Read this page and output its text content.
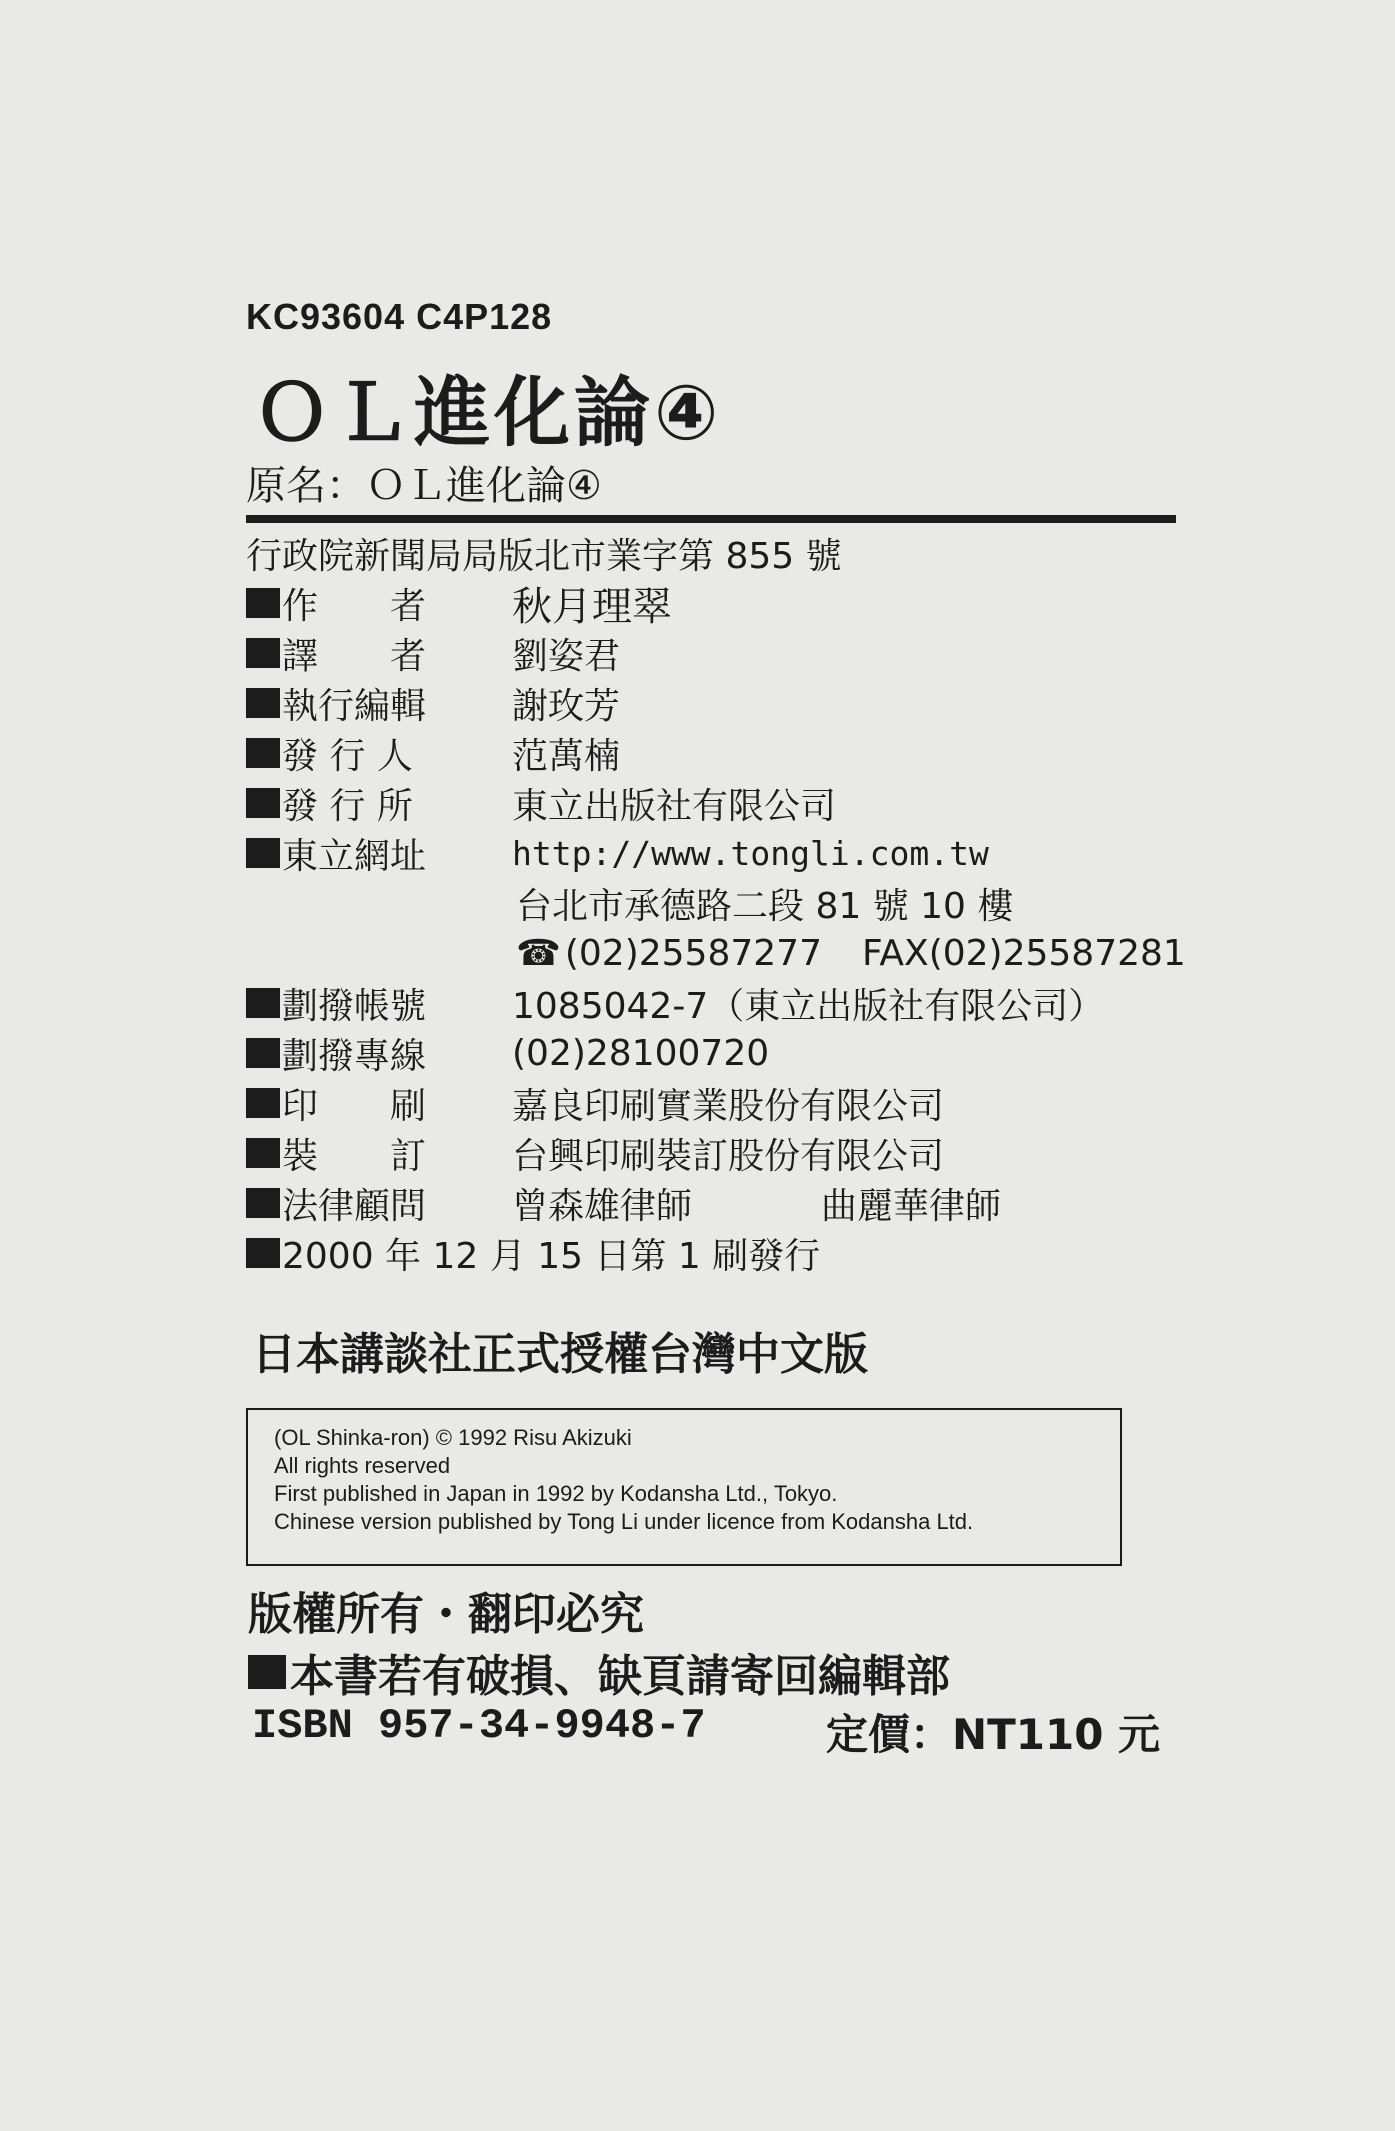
KC93604 C4P128
ＯＬ進化論④
原名：ＯＬ進化論④
行政院新聞局局版北市業字第 855 號
作　　者	秋月理翠
譯　　者	劉姿君
執行編輯	謝玫芳
發 行 人	范萬楠
發 行 所	東立出版社有限公司
東立網址	http://www.tongli.com.tw
台北市承德路二段 81 號 10 樓
☎ (02)25587277 FAX(02)25587281
劃撥帳號	1085042-7（東立出版社有限公司）
劃撥專線	(02)28100720
印　　刷	嘉良印刷實業股份有限公司
裝　　訂	台興印刷裝訂股份有限公司
法律顧問	曾森雄律師	曲麗華律師
2000 年 12 月 15 日第 1 刷發行
日本講談社正式授權台灣中文版
(OL Shinka-ron) © 1992 Risu Akizuki
All rights reserved
First published in Japan in 1992 by Kodansha Ltd., Tokyo.
Chinese version published by Tong Li under licence from Kodansha Ltd.
版權所有・翻印必究
本書若有破損、缺頁請寄回編輯部
ISBN 957-34-9948-7	定價：NT110 元
